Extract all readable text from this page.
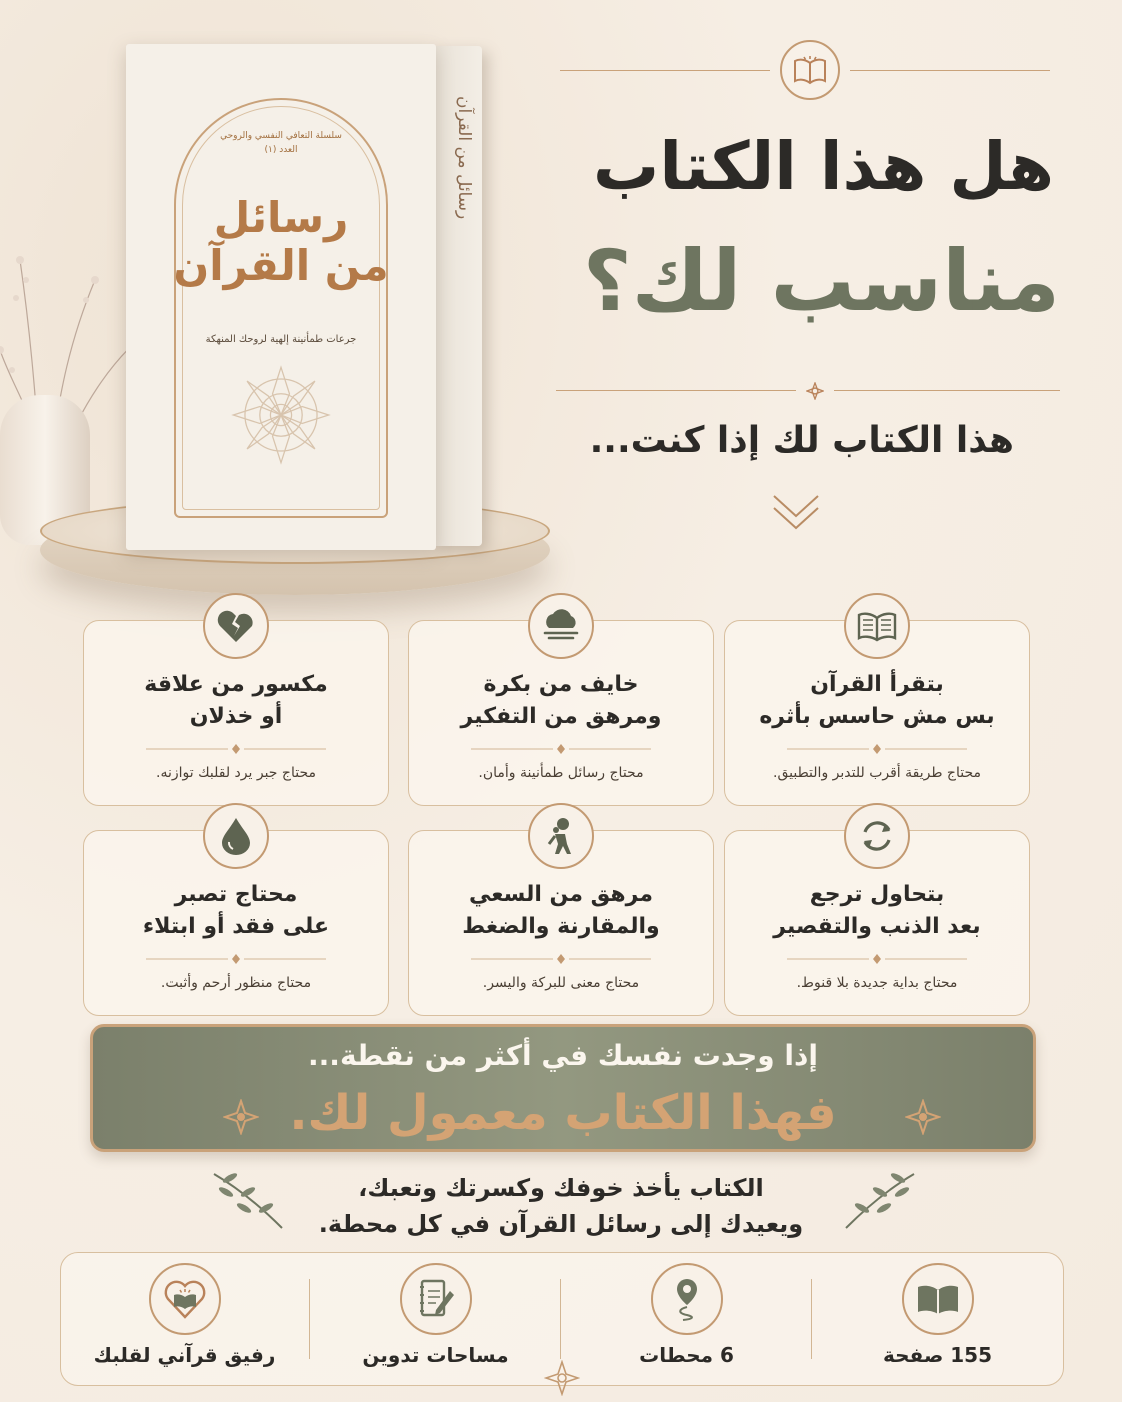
رسائل من القرآن
سلسلة التعافي النفسي والروحي
العدد (١)
رسائل
من القرآن
جرعات طمأنينة إلهية لروحك المنهكة
هل هذا الكتاب
مناسب لك؟
هذا الكتاب لك إذا كنت...
بتقرأ القرآن
بس مش حاسس بأثره
محتاج طريقة أقرب للتدبر والتطبيق.
خايف من بكرة
ومرهق من التفكير
محتاج رسائل طمأنينة وأمان.
مكسور من علاقة
أو خذلان
محتاج جبر يرد لقلبك توازنه.
بتحاول ترجع
بعد الذنب والتقصير
محتاج بداية جديدة بلا قنوط.
مرهق من السعي
والمقارنة والضغط
محتاج معنى للبركة واليسر.
محتاج تصبر
على فقد أو ابتلاء
محتاج منظور أرحم وأثبت.
إذا وجدت نفسك في أكثر من نقطة...
فهذا الكتاب معمول لك.
الكتاب يأخذ خوفك وكسرتك وتعبك،
ويعيدك إلى رسائل القرآن في كل محطة.
155 صفحة
6 محطات
مساحات تدوين
رفيق قرآني لقلبك
